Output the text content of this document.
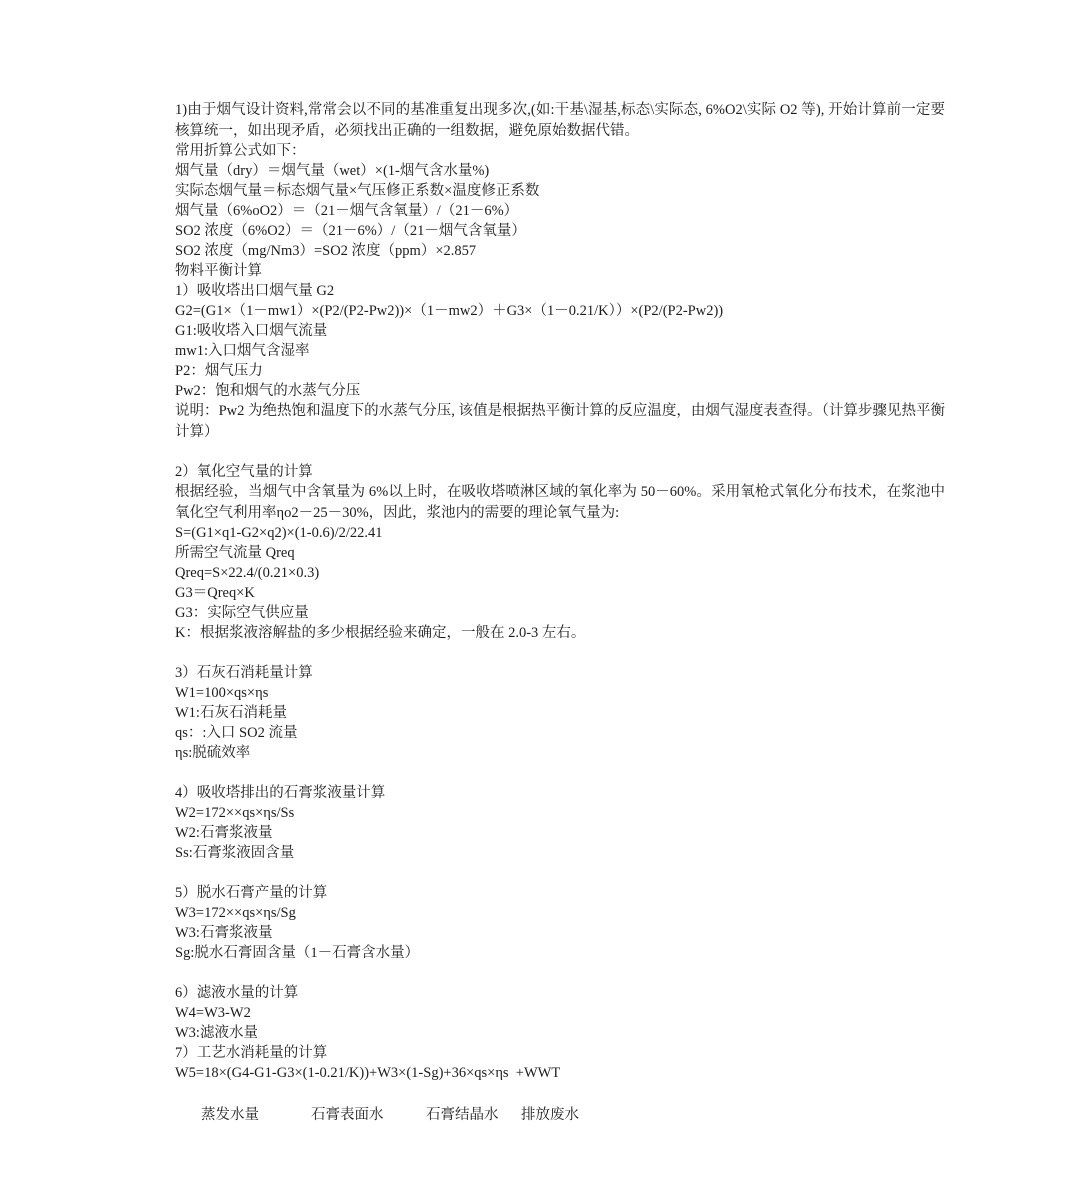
1)由于烟气设计资料,常常会以不同的基准重复出现多次,(如:干基\湿基,标态\实际态, 6%O2\实际 O2 等), 开始计算前一定要核算统一，如出现矛盾，必须找出正确的一组数据，避免原始数据代错。
常用折算公式如下：
烟气量（dry）＝烟气量（wet）×(1-烟气含水量%)
实际态烟气量＝标态烟气量×气压修正系数×温度修正系数
烟气量（6%oO2）＝（21－烟气含氧量）/（21－6%）
SO2 浓度（6%O2）＝（21－6%）/（21－烟气含氧量）
SO2 浓度（mg/Nm3）=SO2 浓度（ppm）×2.857
物料平衡计算
1）吸收塔出口烟气量 G2
G2=(G1×（1－mw1）×(P2/(P2-Pw2))×（1－mw2）＋G3×（1－0.21/K））×(P2/(P2-Pw2))
G1:吸收塔入口烟气流量
mw1:入口烟气含湿率
P2：烟气压力
Pw2：饱和烟气的水蒸气分压
说明：Pw2 为绝热饱和温度下的水蒸气分压, 该值是根据热平衡计算的反应温度，由烟气湿度表查得。（计算步骤见热平衡计算）
2）氧化空气量的计算
根据经验，当烟气中含氧量为 6%以上时，在吸收塔喷淋区域的氧化率为 50－60%。采用氧枪式氧化分布技术，在浆池中氧化空气利用率ηo2－25－30%，因此，浆池内的需要的理论氧气量为:
S=(G1×q1-G2×q2)×(1-0.6)/2/22.41
所需空气流量 Qreq
Qreq=S×22.4/(0.21×0.3)
G3＝Qreq×K
G3：实际空气供应量
K：根据浆液溶解盐的多少根据经验来确定，一般在 2.0-3 左右。
3）石灰石消耗量计算
W1=100×qs×ηs
W1:石灰石消耗量
qs：:入口 SO2 流量
ηs:脱硫效率
4）吸收塔排出的石膏浆液量计算
W2=172××qs×ηs/Ss
W2:石膏浆液量
Ss:石膏浆液固含量
5）脱水石膏产量的计算
W3=172××qs×ηs/Sg
W3:石膏浆液量
Sg:脱水石膏固含量（1－石膏含水量）
6）滤液水量的计算
W4=W3-W2
W3:滤液水量
7）工艺水消耗量的计算
W5=18×(G4-G1-G3×(1-0.21/K))+W3×(1-Sg)+36×qs×ηs  +WWT
蒸发水量	石膏表面水	石膏结晶水	排放废水
